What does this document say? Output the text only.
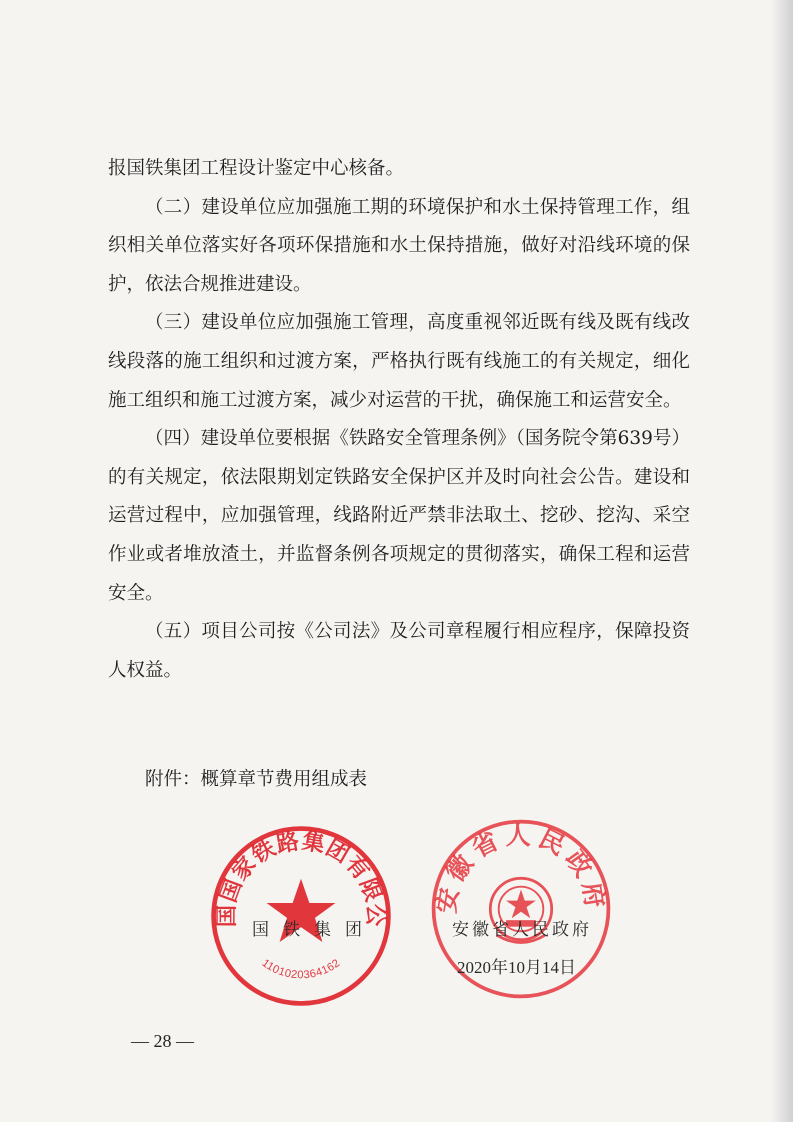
报国铁集团工程设计鉴定中心核备。

（二）建设单位应加强施工期的环境保护和水土保持管理工作，组织相关单位落实好各项环保措施和水土保持措施，做好对沿线环境的保护，依法合规推进建设。

（三）建设单位应加强施工管理，高度重视邻近既有线及既有线改线段落的施工组织和过渡方案，严格执行既有线施工的有关规定，细化施工组织和施工过渡方案，减少对运营的干扰，确保施工和运营安全。

（四）建设单位要根据《铁路安全管理条例》（国务院令第639号）的有关规定，依法限期划定铁路安全保护区并及时向社会公告。建设和运营过程中，应加强管理，线路附近严禁非法取土、挖砂、挖沟、采空作业或者堆放渣土，并监督条例各项规定的贯彻落实，确保工程和运营安全。

（五）项目公司按《公司法》及公司章程履行相应程序，保障投资人权益。

附件：概算章节费用组成表
中国国家铁路集团有限公司
1101020364162
安徽省人民政府
国铁集团	安徽省人民政府
2020年10月14日
— 28 —
